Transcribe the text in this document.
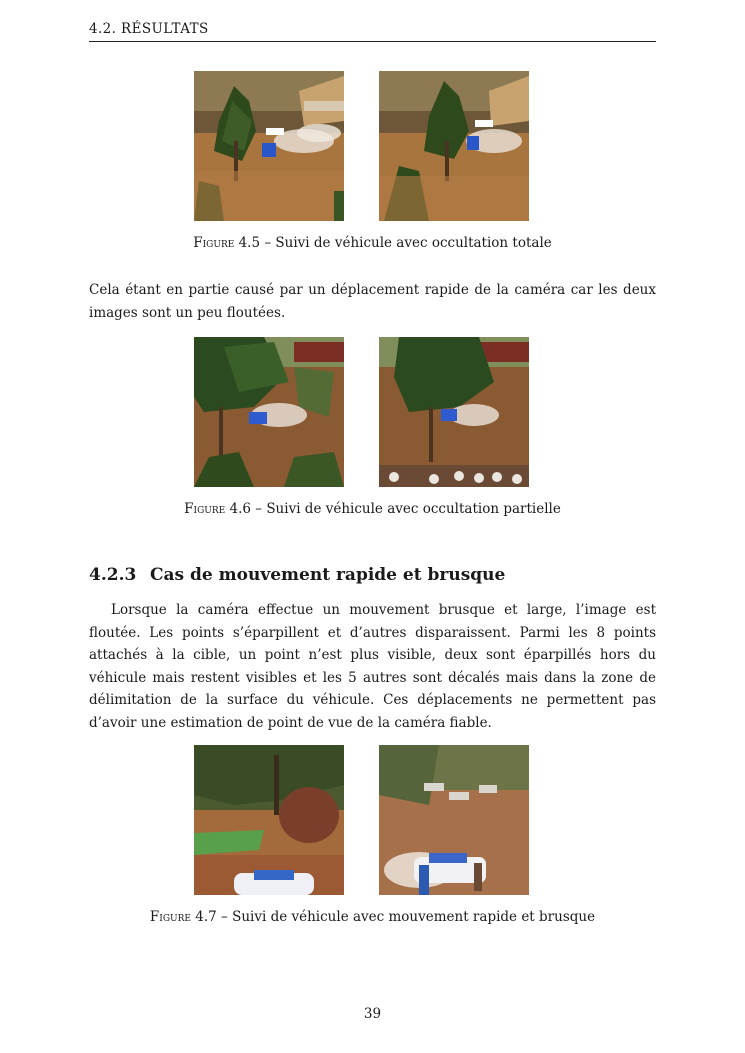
4.2. RÉSULTATS
Figure 4.5 – Suivi de véhicule avec occultation totale

Cela étant en partie causé par un déplacement rapide de la caméra car les deux images sont un peu floutées.

Figure 4.6 – Suivi de véhicule avec occultation partielle
4.2.3 Cas de mouvement rapide et brusque

Lorsque la caméra effectue un mouvement brusque et large, l’image est floutée. Les points s’éparpillent et d’autres disparaissent. Parmi les 8 points attachés à la cible, un point n’est plus visible, deux sont éparpillés hors du véhicule mais restent visibles et les 5 autres sont décalés mais dans la zone de délimitation de la surface du véhicule. Ces déplacements ne permettent pas d’avoir une estimation de point de vue de la caméra fiable.

Figure 4.7 – Suivi de véhicule avec mouvement rapide et brusque
39
